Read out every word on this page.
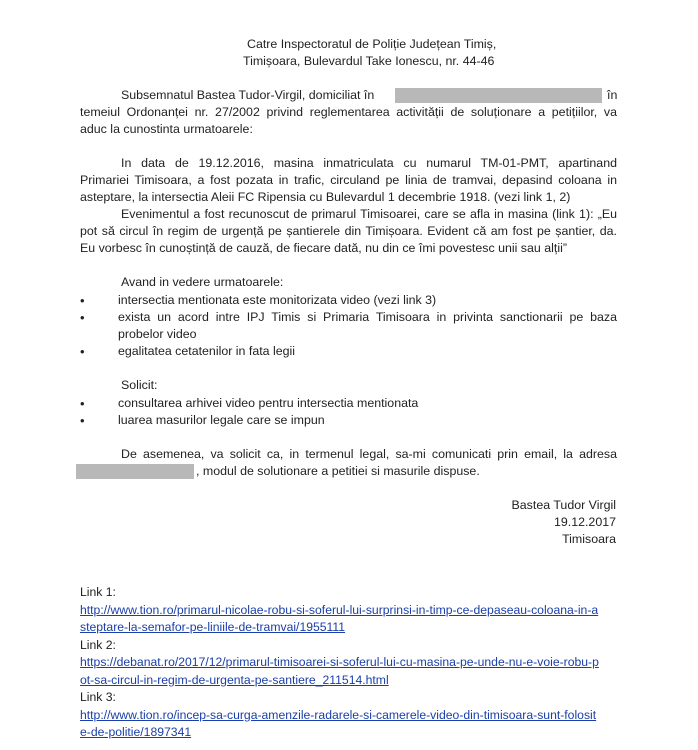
Catre Inspectoratul de Poliție Județean Timiș,
Timișoara, Bulevardul Take Ionescu, nr. 44-46
Subsemnatul Bastea Tudor-Virgil, domiciliat în	în
temeiul Ordonanței nr. 27/2002 privind reglementarea activității de soluționare a petițiilor, va
aduc la cunostinta urmatoarele:
In data de 19.12.2016, masina inmatriculata cu numarul TM-01-PMT, apartinand
Primariei Timisoara, a fost pozata in trafic, circuland pe linia de tramvai, depasind coloana in
asteptare, la intersectia Aleii FC Ripensia cu Bulevardul 1 decembrie 1918. (vezi link 1, 2)
Evenimentul a fost recunoscut de primarul Timisoarei, care se afla in masina (link 1): „Eu
pot să circul în regim de urgență pe șantierele din Timișoara. Evident că am fost pe șantier, da.
Eu vorbesc în cunoștință de cauză, de fiecare dată, nu din ce îmi povestesc unii sau alții”
Avand in vedere urmatoarele:
• intersectia mentionata este monitorizata video (vezi link 3)
• exista un acord intre IPJ Timis si Primaria Timisoara in privinta sanctionarii pe baza
probelor video
• egalitatea cetatenilor in fata legii
Solicit:
• consultarea arhivei video pentru intersectia mentionata
• luarea masurilor legale care se impun
De asemenea, va solicit ca, in termenul legal, sa-mi comunicati prin email, la adresa
, modul de solutionare a petitiei si masurile dispuse.
Bastea Tudor Virgil
19.12.2017
Timisoara
Link 1:
http://www.tion.ro/primarul-nicolae-robu-si-soferul-lui-surprinsi-in-timp-ce-depaseau-coloana-in-a
steptare-la-semafor-pe-liniile-de-tramvai/1955111
Link 2:
https://debanat.ro/2017/12/primarul-timisoarei-si-soferul-lui-cu-masina-pe-unde-nu-e-voie-robu-p
ot-sa-circul-in-regim-de-urgenta-pe-santiere_211514.html
Link 3:
http://www.tion.ro/incep-sa-curga-amenzile-radarele-si-camerele-video-din-timisoara-sunt-folosit
e-de-politie/1897341
